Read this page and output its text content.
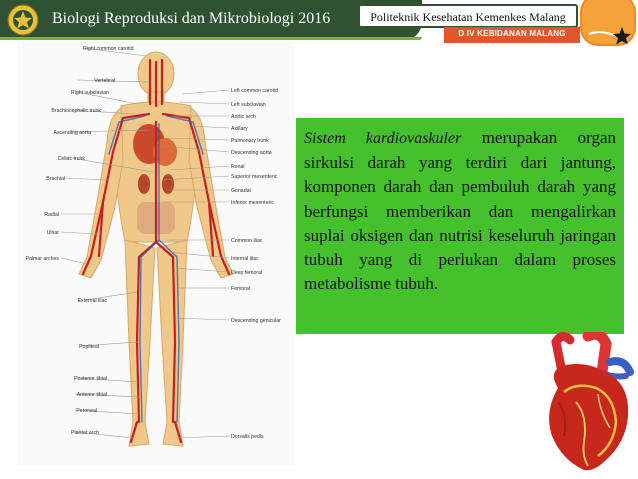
Biologi Reproduksi dan Mikrobiologi 2016	Politeknik Kesehatan Kemenkes Malang
D IV KEBIDANAN MALANG
Right common carotid
Vertebral
Right subclavian
Brachiocephalic trunk
Ascending aorta
Celiac trunk
Brachial
Radial
Ulnar
Palmar arches
External iliac
Popliteal
Posterior tibial
Anterior tibial
Peroneal
Plantar arch
Left common carotid
Left subclavian
Aortic arch
Axillary
Pulmonary trunk
Descending aorta
Renal
Superior mesenteric
Gonadal
Inferior mesenteric
Common iliac
Internal iliac
Deep femoral
Femoral
Descending genicular
Dorsalis pedis

Sistem kardiovaskuler merupakan organ sirkulsi darah yang terdiri dari jantung, komponen darah dan pembuluh darah yang berfungsi memberikan dan mengalirkan suplai oksigen dan nutrisi keseluruh jaringan tubuh yang di perlukan dalam proses metabolisme tubuh.
